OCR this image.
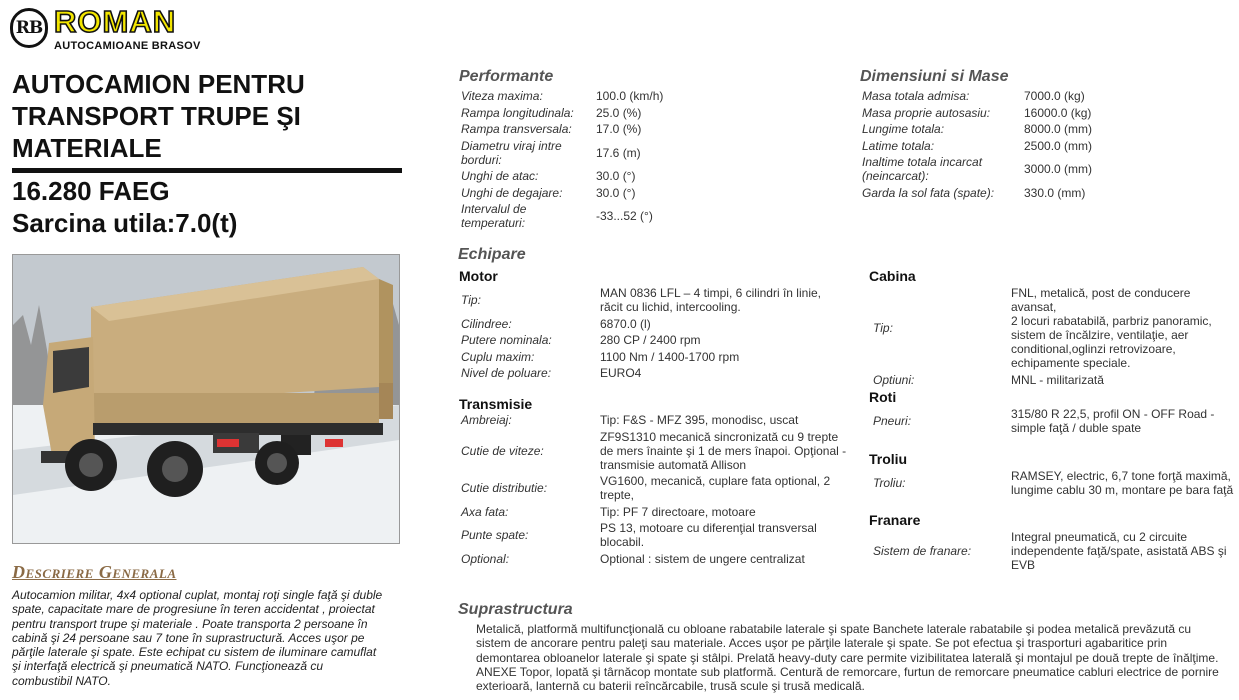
RB ROMAN
AUTOCAMIOANE BRASOV
AUTOCAMION PENTRU TRANSPORT TRUPE ŞI MATERIALE
16.280 FAEG
Sarcina utila:7.0(t)
Descriere Generala

Autocamion militar, 4x4 optional cuplat, montaj roţi single faţă şi duble
spate, capacitate mare de progresiune în teren accidentat , proiectat
pentru transport trupe şi materiale . Poate transporta 2 persoane în
cabină şi 24 persoane sau 7 tone în suprastructură. Acces uşor pe
părţile laterale şi spate. Este echipat cu sistem de iluminare camuflat
şi interfaţă electrică şi pneumatică NATO. Funcţionează cu
combustibil NATO.

Performante
Viteza maxima:	100.0 (km/h)
Rampa longitudinala:	25.0 (%)
Rampa transversala:	17.0 (%)
Diametru viraj intre
borduri:	17.6 (m)
Unghi de atac:	30.0 (°)
Unghi de degajare:	30.0 (°)
Intervalul de
temperaturi:	-33...52 (°)
Dimensiuni si Mase
Masa totala admisa:	7000.0 (kg)
Masa proprie autosasiu:	16000.0 (kg)
Lungime totala:	8000.0 (mm)
Latime totala:	2500.0 (mm)
Inaltime totala incarcat
(neincarcat):	3000.0 (mm)
Garda la sol fata (spate):	330.0 (mm)
Echipare
Motor
Tip:	MAN 0836 LFL – 4 timpi, 6 cilindri în linie,
răcit cu lichid, intercooling.
Cilindree:	6870.0 (l)
Putere nominala:	280 CP / 2400 rpm
Cuplu maxim:	1100 Nm / 1400-1700 rpm
Nivel de poluare:	EURO4
Transmisie
Ambreiaj:	Tip: F&S - MFZ 395, monodisc, uscat
Cutie de viteze:
ZF9S1310 mecanică sincronizată cu 9 trepte
de mers înainte şi 1 de mers înapoi. Opţional -
transmisie automată Allison
Cutie distributie:	VG1600, mecanică, cuplare fata optional, 2
trepte,
Axa fata:	Tip: PF 7 directoare, motoare
Punte spate:	PS 13, motoare cu diferenţial transversal
blocabil.
Optional:	Optional : sistem de ungere centralizat
Cabina
Tip:
FNL, metalică, post de conducere avansat,
2 locuri rabatabilă, parbriz panoramic,
sistem de încălzire, ventilaţie, aer
conditional,oglinzi retrovizoare,
echipamente speciale.
Optiuni:	MNL - militarizată
Roti
Pneuri:	315/80 R 22,5, profil ON - OFF Road -
simple faţă / duble spate
Troliu
Troliu:	RAMSEY, electric, 6,7 tone forţă maximă,
lungime cablu 30 m, montare pe bara faţă
Franare
Sistem de franare:
Integral pneumatică, cu 2 circuite
independente faţă/spate, asistată ABS şi
EVB
Suprastructura

Metalică, platformă multifuncţională cu obloane rabatabile laterale şi spate Banchete laterale rabatabile şi podea metalică prevăzută cu
sistem de ancorare pentru paleţi sau materiale. Acces uşor pe părţile laterale şi spate. Se pot efectua şi trasporturi agabaritice prin
demontarea obloanelor laterale şi spate şi stâlpi. Prelată heavy-duty care permite vizibilitatea laterală şi montajul pe două trepte de înălţime.
ANEXE Topor, lopată şi târnăcop montate sub platformă. Centură de remorcare, furtun de remorcare pneumatice cabluri electrice de pornire
exterioară, lanternă cu baterii reîncărcabile, trusă scule şi trusă medicală.
